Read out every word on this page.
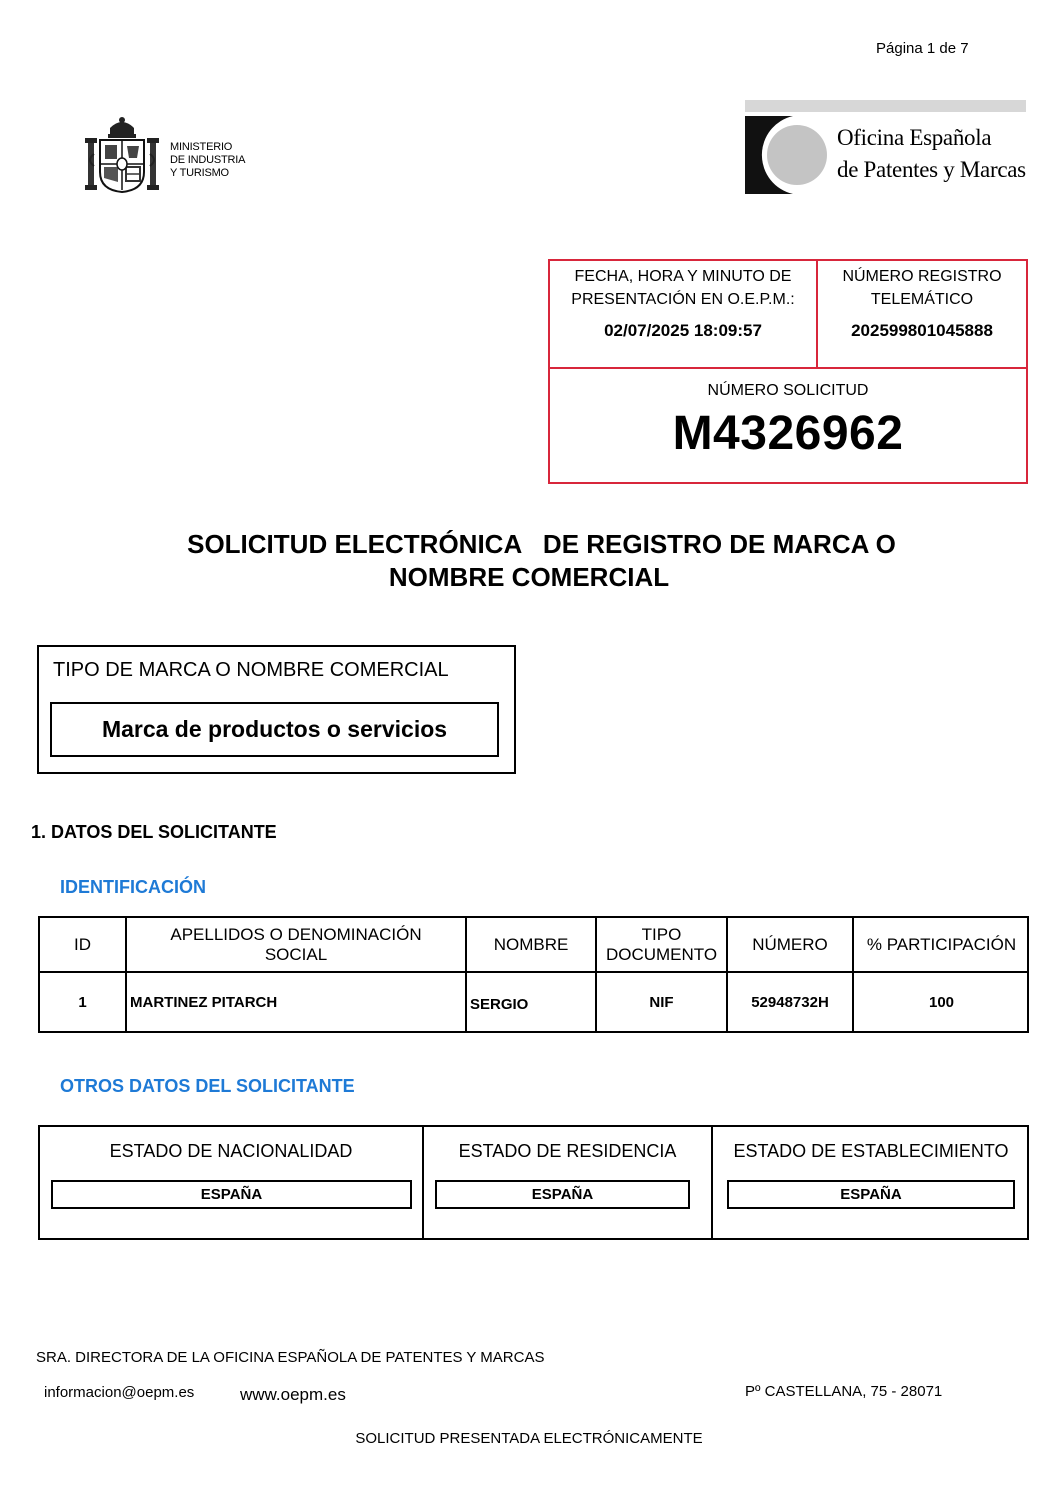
Página 1 de 7
MINISTERIO
DE INDUSTRIA
Y TURISMO
Oficina Española
de Patentes y Marcas
FECHA, HORA Y MINUTO DE PRESENTACIÓN EN O.E.P.M.:
02/07/2025 18:09:57
NÚMERO REGISTRO TELEMÁTICO
202599801045888
NÚMERO SOLICITUD
M4326962
SOLICITUD ELECTRÓNICA   DE REGISTRO DE MARCA O
NOMBRE COMERCIAL
TIPO DE MARCA O NOMBRE COMERCIAL
Marca de productos o servicios
1. DATOS DEL SOLICITANTE
IDENTIFICACIÓN
ID
1
APELLIDOS O DENOMINACIÓN SOCIAL
MARTINEZ PITARCH
NOMBRE
SERGIO
TIPO DOCUMENTO
NIF
NÚMERO
52948732H
% PARTICIPACIÓN
100
OTROS DATOS DEL SOLICITANTE
ESTADO DE NACIONALIDAD
ESPAÑA
ESTADO DE RESIDENCIA
ESPAÑA
ESTADO DE ESTABLECIMIENTO
ESPAÑA
SRA. DIRECTORA DE LA OFICINA ESPAÑOLA DE PATENTES Y MARCAS
informacion@oepm.es	www.oepm.es	Pº CASTELLANA, 75 - 28071
SOLICITUD PRESENTADA ELECTRÓNICAMENTE
